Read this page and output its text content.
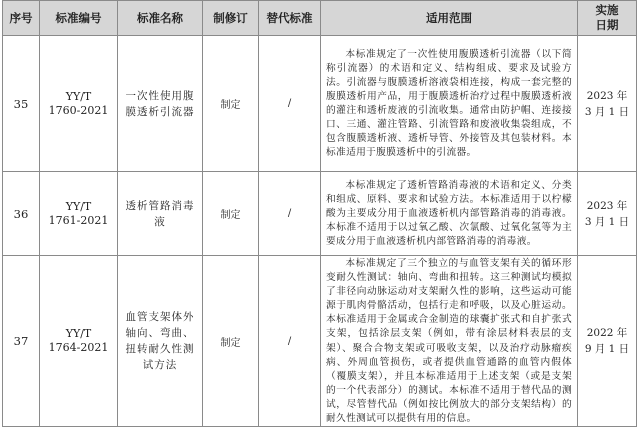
序号	标准编号	标准名称	制修订	替代标准	适用范围	实施
日期

35	YY/T
1760-2021	一次性使用腹膜透析引流器	制定	/	本标准规定了一次性使用腹膜透析引流器（以下简称引流器）的术语和定义、结构组成、要求及试验方法。引流器与腹膜透析溶液袋相连接，构成一套完整的腹膜透析用产品，用于腹膜透析治疗过程中腹膜透析液的灌注和透析废液的引流收集。通常由防护帽、连接接口、三通、灌注管路、引流管路和废液收集袋组成，不包含腹膜透析液、透析导管、外接管及其包装材料。本标准适用于腹膜透析中的引流器。	2023 年
3 月 1 日

36	YY/T
1761-2021	透析管路消毒液	制定	/	本标准规定了透析管路消毒液的术语和定义、分类和组成、原料、要求和试验方法。本标准适用于以柠檬酸为主要成分用于血液透析机内部管路消毒的消毒液。本标准不适用于以过氧乙酸、次氯酸、过氧化氢等为主要成分用于血液透析机内部管路消毒的消毒液。	2023 年
3 月 1 日

37	YY/T
1764-2021	血管支架体外轴向、弯曲、扭转耐久性测试方法	制定	/	本标准规定了三个独立的与血管支架有关的循环形变耐久性测试：轴向、弯曲和扭转。这三种测试均模拟了非径向动脉运动对支架耐久性的影响，这些运动可能源于肌肉骨骼活动，包括行走和呼吸，以及心脏运动。本标准适用于金属或合金制造的球囊扩张式和自扩张式支架，包括涂层支架（例如，带有涂层材料表层的支架）、聚合合物支架或可吸收支架，以及治疗动脉瘤疾病、外周血管损伤，或者提供血管通路的血管内假体（覆膜支架），并且本标准适用于上述支架（或是支架的一个代表部分）的测试。本标准不适用于替代品的测试，尽管替代品（例如按比例放大的部分支架结构）的耐久性测试可以提供有用的信息。	2022 年
9 月 1 日
